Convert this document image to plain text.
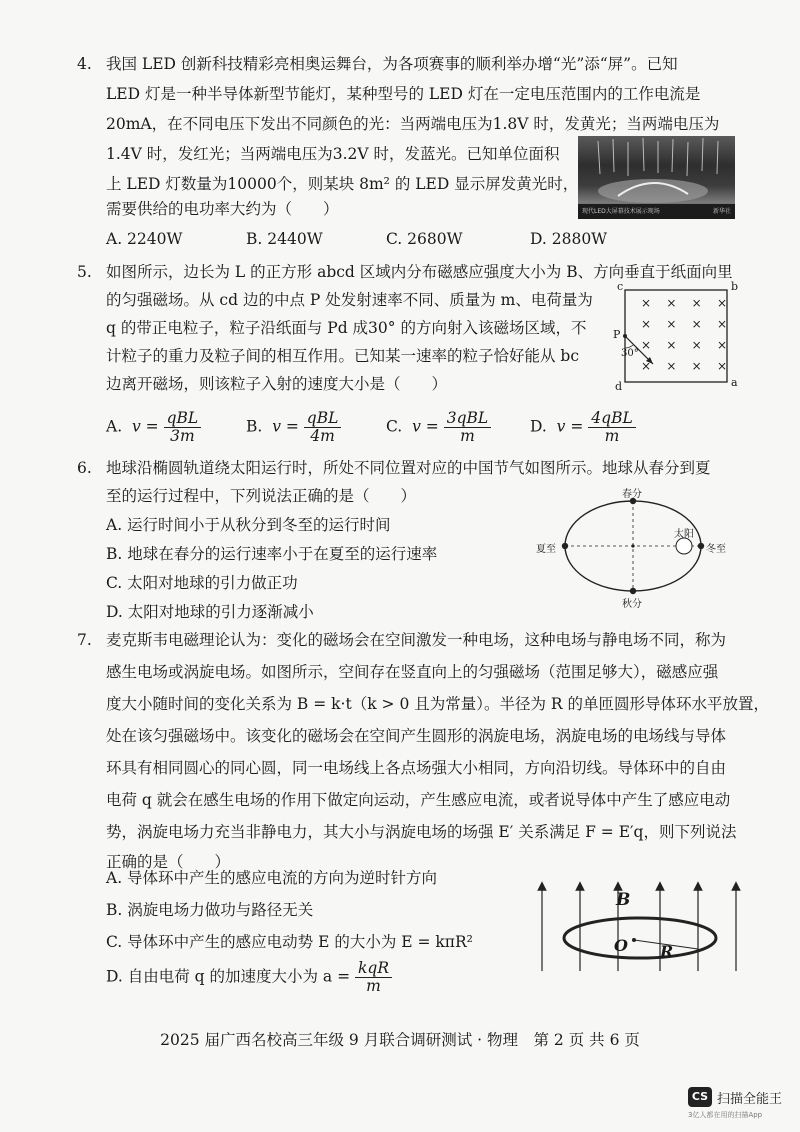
4. 我国 LED 创新科技精彩亮相奥运舞台，为各项赛事的顺利举办增“光”添“屏”。已知
LED 灯是一种半导体新型节能灯，某种型号的 LED 灯在一定电压范围内的工作电流是
20mA，在不同电压下发出不同颜色的光：当两端电压为1.8V 时，发黄光；当两端电压为
1.4V 时，发红光；当两端电压为3.2V 时，发蓝光。已知单位面积
上 LED 灯数量为10000个，则某块 8m² 的 LED 显示屏发黄光时，
需要供给的电功率大约为（　　）	现代LED大屏幕技术展示现场	新华社
A. 2240W	B. 2440W	C. 2680W	D. 2880W
5. 如图所示，边长为 L 的正方形 abcd 区域内分布磁感应强度大小为 B、方向垂直于纸面向里
的匀强磁场。从 cd 边的中点 P 处发射速率不同、质量为 m、电荷量为
q 的带正电粒子，粒子沿纸面与 Pd 成30° 的方向射入该磁场区域，不
计粒子的重力及粒子间的相互作用。已知某一速率的粒子恰好能从 bc
边离开磁场，则该粒子入射的速度大小是（　　）
c	b
d	a
P
30°
× × × ×
× × × ×
× × × ×
× × × ×
A. v = qBL
3m
B. v = qBL
4m
C. v = 3qBL
m
D. v = 4qBL
m
6. 地球沿椭圆轨道绕太阳运行时，所处不同位置对应的中国节气如图所示。地球从春分到夏
至的运行过程中，下列说法正确的是（　　）
A. 运行时间小于从秋分到冬至的运行时间
B. 地球在春分的运行速率小于在夏至的运行速率
C. 太阳对地球的引力做正功
D. 太阳对地球的引力逐渐减小
春分
夏至
秋分
冬至
太阳
7. 麦克斯韦电磁理论认为：变化的磁场会在空间激发一种电场，这种电场与静电场不同，称为
感生电场或涡旋电场。如图所示，空间存在竖直向上的匀强磁场（范围足够大），磁感应强
度大小随时间的变化关系为 B = k·t（k > 0 且为常量）。半径为 R 的单匝圆形导体环水平放置，
处在该匀强磁场中。该变化的磁场会在空间产生圆形的涡旋电场，涡旋电场的电场线与导体
环具有相同圆心的同心圆，同一电场线上各点场强大小相同，方向沿切线。导体环中的自由
电荷 q 就会在感生电场的作用下做定向运动，产生感应电流，或者说导体中产生了感应电动
势，涡旋电场力充当非静电力，其大小与涡旋电场的场强 E′ 关系满足 F = E′q，则下列说法
正确的是（　　）
A. 导体环中产生的感应电流的方向为逆时针方向
B. 涡旋电场力做功与路径无关
C. 导体环中产生的感应电动势 E 的大小为 E = kπR²
D. 自由电荷 q 的加速度大小为 a = kqR
m
B
O R
2025 届广西名校高三年级 9 月联合调研测试 · 物理　第 2 页 共 6 页
CS 扫描全能王
3亿人都在用的扫描App
